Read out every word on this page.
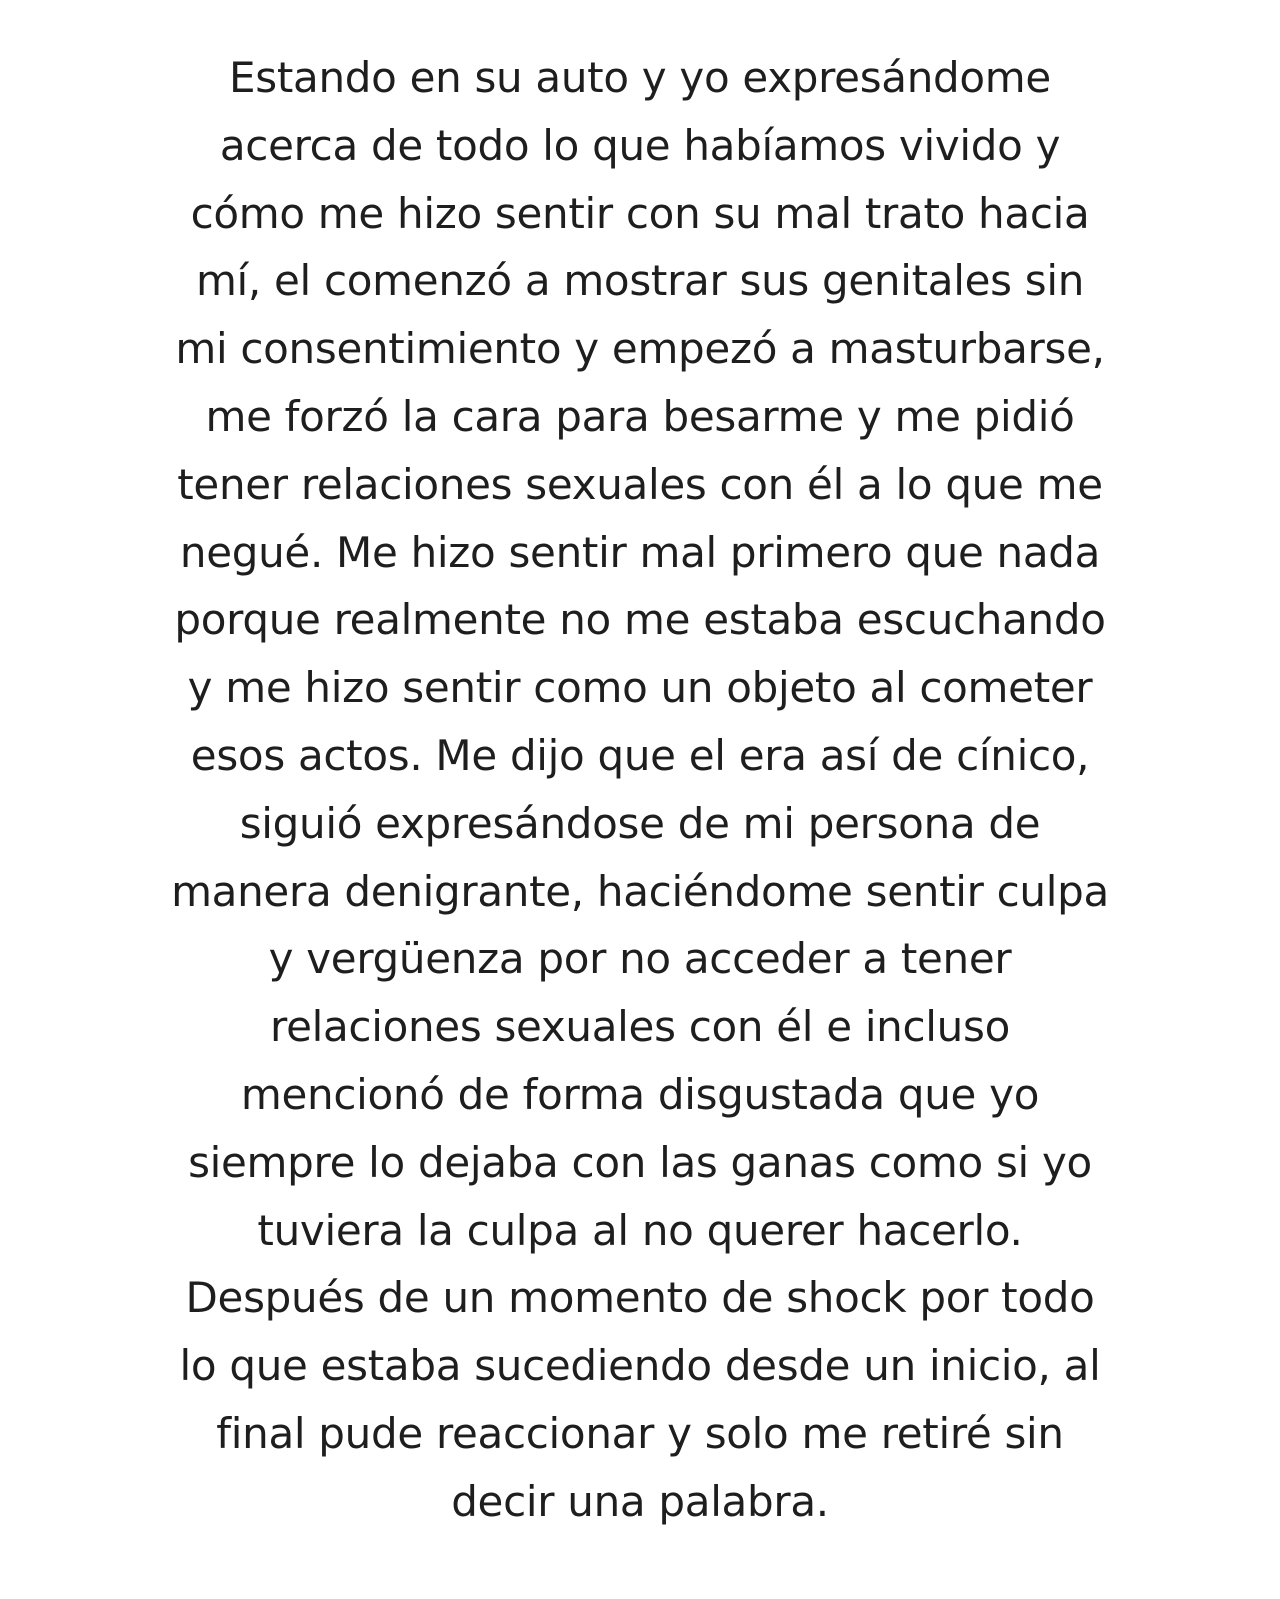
Estando en su auto y yo expresándome
acerca de todo lo que habíamos vivido y
cómo me hizo sentir con su mal trato hacia
mí, el comenzó a mostrar sus genitales sin
mi consentimiento y empezó a masturbarse,
me forzó la cara para besarme y me pidió
tener relaciones sexuales con él a lo que me
negué. Me hizo sentir mal primero que nada
porque realmente no me estaba escuchando
y me hizo sentir como un objeto al cometer
esos actos. Me dijo que el era así de cínico,
siguió expresándose de mi persona de
manera denigrante, haciéndome sentir culpa
y vergüenza por no acceder a tener
relaciones sexuales con él e incluso
mencionó de forma disgustada que yo
siempre lo dejaba con las ganas como si yo
tuviera la culpa al no querer hacerlo.
Después de un momento de shock por todo
lo que estaba sucediendo desde un inicio, al
final pude reaccionar y solo me retiré sin
decir una palabra.
